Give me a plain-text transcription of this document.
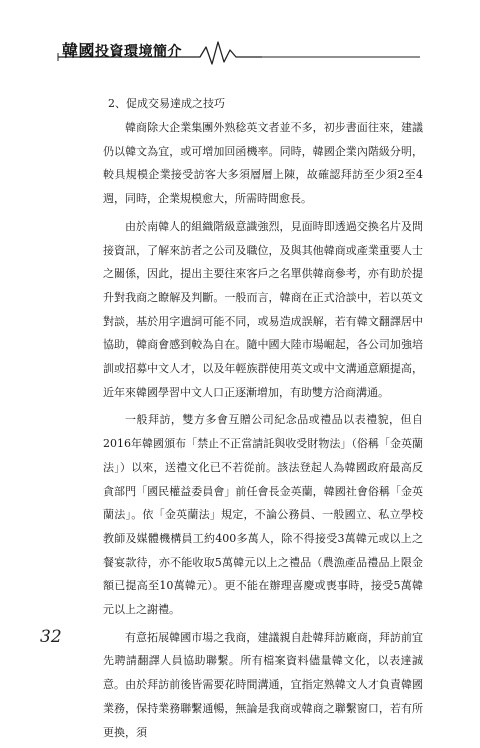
韓國投資環境簡介
2、促成交易達成之技巧

韓商除大企業集團外熟稔英文者並不多，初步書面往來，建議仍以韓文為宜，或可增加回函機率。同時，韓國企業內階級分明，較具規模企業接受訪客大多須層層上陳，故確認拜訪至少須2至4週，同時，企業規模愈大，所需時間愈長。

由於南韓人的組織階級意識強烈，見面時即透過交換名片及問接資訊，了解來訪者之公司及職位，及與其他韓商或產業重要人士之關係，因此，提出主要往來客戶之名單供韓商參考，亦有助於提升對我商之瞭解及判斷。一般而言，韓商在正式洽談中，若以英文對談，基於用字遣詞可能不同，或易造成誤解，若有韓文翻譯居中協助，韓商會感到較為自在。隨中國大陸市場崛起，各公司加強培訓或招募中文人才，以及年輕族群使用英文或中文溝通意願提高，近年來韓國學習中文人口正逐漸增加，有助雙方洽商溝通。

一般拜訪，雙方多會互贈公司紀念品或禮品以表禮貌，但自2016年韓國頒布「禁止不正當請託與收受財物法」（俗稱「金英蘭法」）以來，送禮文化已不若從前。該法登起人為韓國政府最高反貪部門「國民權益委員會」前任會長金英蘭，韓國社會俗稱「金英蘭法」。依「金英蘭法」規定，不論公務員、一般國立、私立學校教師及媒體機構員工約400多萬人，除不得接受3萬韓元或以上之餐宴款待，亦不能收取5萬韓元以上之禮品（農漁產品禮品上限金額已提高至10萬韓元）。更不能在辦理喜慶或喪事時，接受5萬韓元以上之謝禮。

有意拓展韓國市場之我商，建議親自赴韓拜訪廠商，拜訪前宜先聘請翻譯人員協助聯繫。所有檔案資料儘量韓文化，以表達誠意。由於拜訪前後皆需要花時間溝通，宜指定熟韓文人才負責韓國業務，保持業務聯繫通暢，無論是我商或韓商之聯繫窗口，若有所更換，須

32
